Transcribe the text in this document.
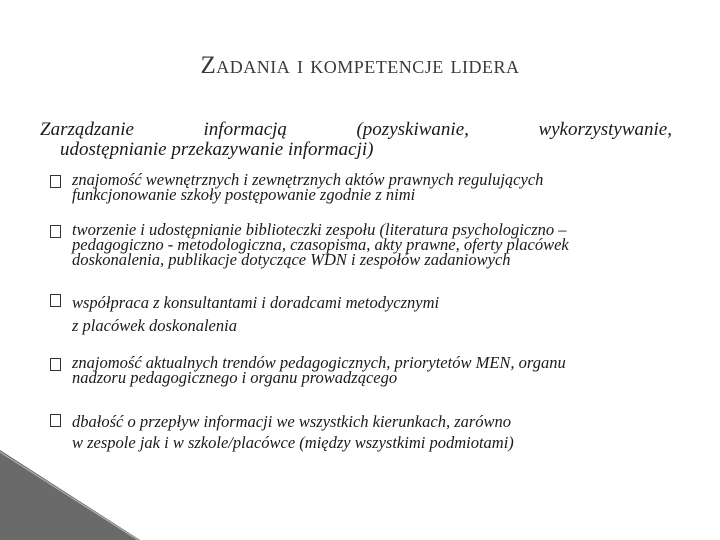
Zadania i kompetencje lidera
Zarządzanie	informacją	(pozyskiwanie,	wykorzystywanie,
udostępnianie przekazywanie informacji)
znajomość wewnętrznych i zewnętrznych aktów prawnych regulujących
funkcjonowanie szkoły postępowanie zgodnie z nimi
tworzenie i udostępnianie biblioteczki zespołu (literatura psychologiczno –
pedagogiczno - metodologiczna, czasopisma, akty prawne, oferty placówek
doskonalenia, publikacje dotyczące WDN i zespołów zadaniowych
współpraca z konsultantami i doradcami metodycznymi
z placówek doskonalenia
znajomość aktualnych trendów pedagogicznych, priorytetów MEN, organu
nadzoru pedagogicznego i organu prowadzącego
dbałość o przepływ informacji we wszystkich kierunkach, zarówno
w zespole jak i w szkole/placówce (między wszystkimi podmiotami)
